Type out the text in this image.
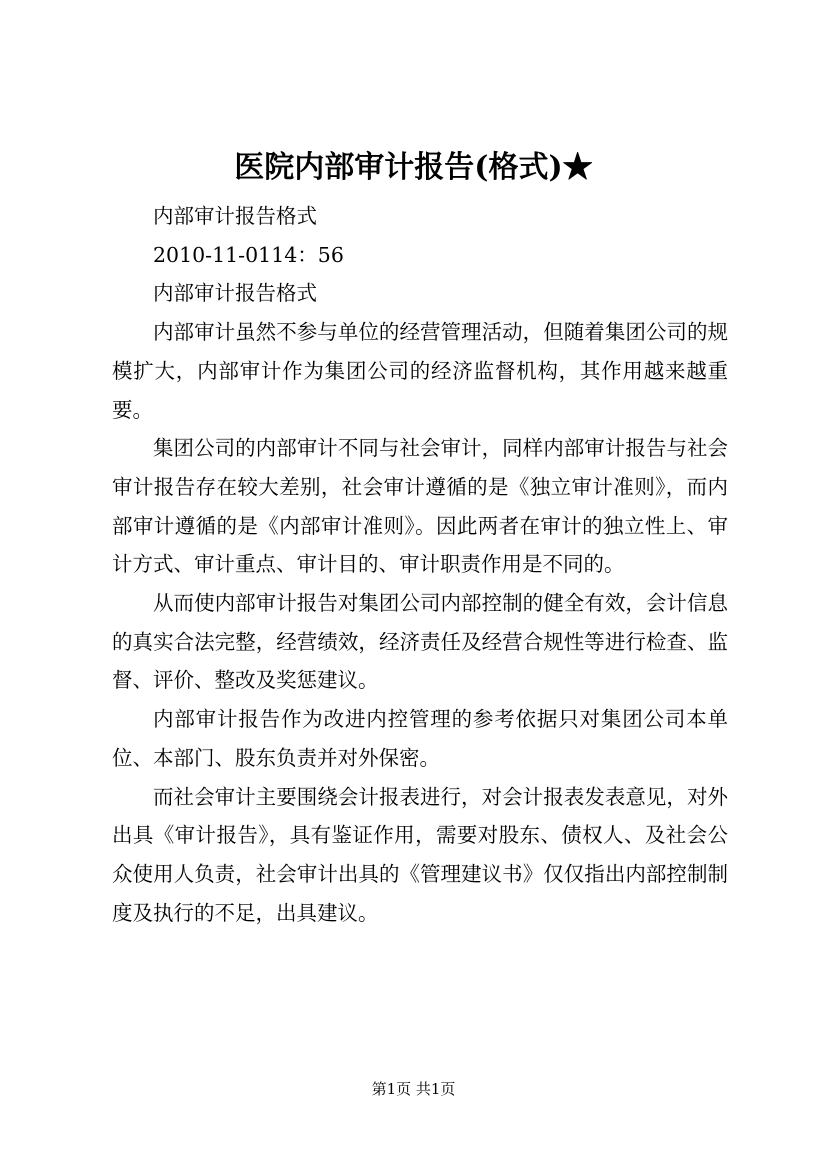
医院内部审计报告(格式)★

内部审计报告格式

2010-11-0114：56

内部审计报告格式

内部审计虽然不参与单位的经营管理活动，但随着集团公司的规模扩大，内部审计作为集团公司的经济监督机构，其作用越来越重要。

集团公司的内部审计不同与社会审计，同样内部审计报告与社会审计报告存在较大差别，社会审计遵循的是《独立审计准则》，而内部审计遵循的是《内部审计准则》。因此两者在审计的独立性上、审计方式、审计重点、审计目的、审计职责作用是不同的。

从而使内部审计报告对集团公司内部控制的健全有效，会计信息的真实合法完整，经营绩效，经济责任及经营合规性等进行检查、监督、评价、整改及奖惩建议。

内部审计报告作为改进内控管理的参考依据只对集团公司本单位、本部门、股东负责并对外保密。

而社会审计主要围绕会计报表进行，对会计报表发表意见，对外出具《审计报告》，具有鉴证作用，需要对股东、债权人、及社会公众使用人负责，社会审计出具的《管理建议书》仅仅指出内部控制制度及执行的不足，出具建议。

第1页 共1页
